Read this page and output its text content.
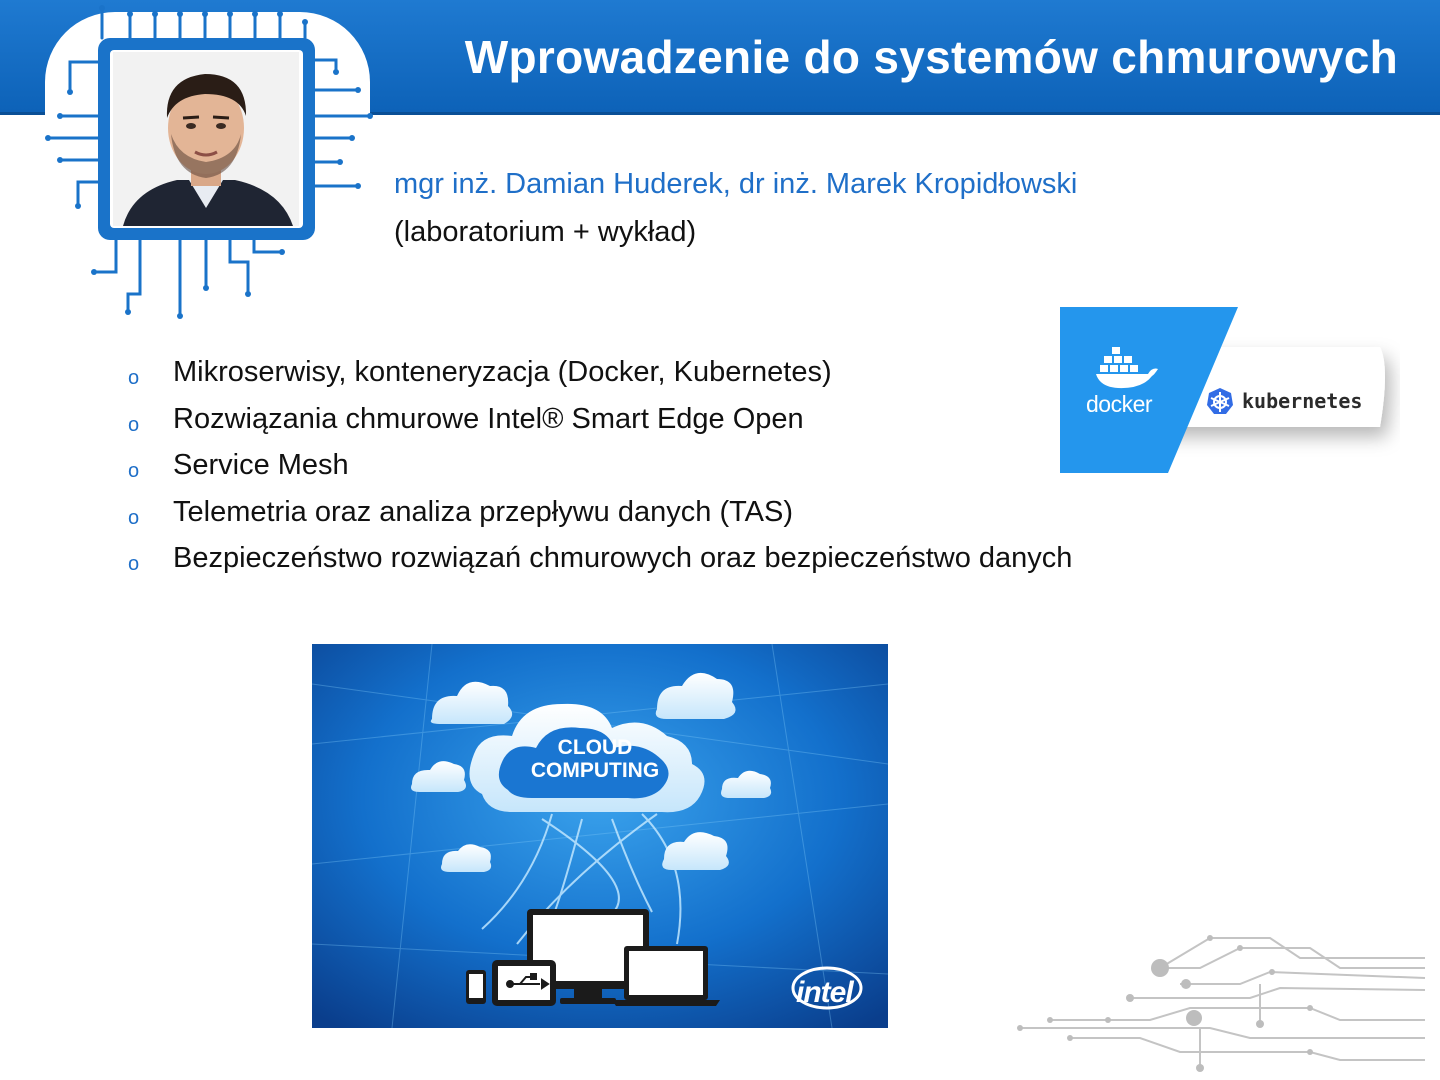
Wprowadzenie do systemów chmurowych
mgr inż. Damian Huderek, dr inż. Marek Kropidłowski
(laboratorium + wykład)
o Mikroserwisy, konteneryzacja (Docker, Kubernetes)
o Rozwiązania chmurowe Intel® Smart Edge Open
o Service Mesh
o Telemetria oraz analiza przepływu danych (TAS)
o Bezpieczeństwo rozwiązań chmurowych oraz bezpieczeństwo danych
docker	kubernetes
CLOUD
COMPUTING
intel
